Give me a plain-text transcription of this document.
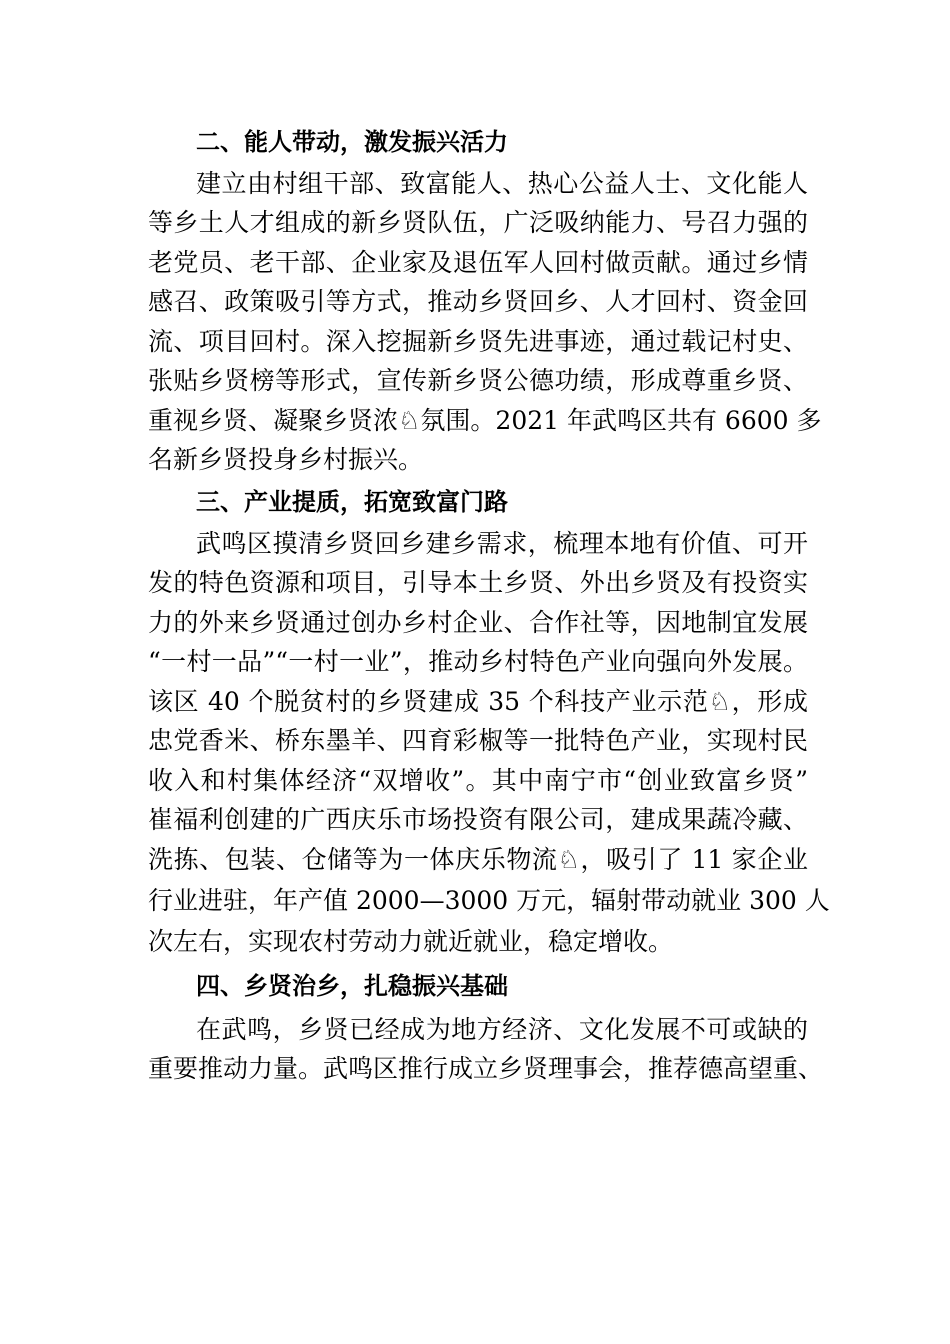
二、能人带动，激发振兴活力
建立由村组干部、致富能人、热心公益人士、文化能人
等乡土人才组成的新乡贤队伍，广泛吸纳能力、号召力强的
老党员、老干部、企业家及退伍军人回村做贡献。通过乡情
感召、政策吸引等方式，推动乡贤回乡、人才回村、资金回
流、项目回村。深入挖掘新乡贤先进事迹，通过载记村史、
张贴乡贤榜等形式，宣传新乡贤公德功绩，形成尊重乡贤、
重视乡贤、凝聚乡贤浓♘氛围。2021 年武鸣区共有 6600 多
名新乡贤投身乡村振兴。
三、产业提质，拓宽致富门路
武鸣区摸清乡贤回乡建乡需求，梳理本地有价值、可开
发的特色资源和项目，引导本土乡贤、外出乡贤及有投资实
力的外来乡贤通过创办乡村企业、合作社等，因地制宜发展
“一村一品”“一村一业”，推动乡村特色产业向强向外发展。
该区 40 个脱贫村的乡贤建成 35 个科技产业示范♘，形成
忠党香米、桥东墨羊、四育彩椒等一批特色产业，实现村民
收入和村集体经济“双增收”。其中南宁市“创业致富乡贤”
崔福利创建的广西庆乐市场投资有限公司，建成果蔬冷藏、
洗拣、包装、仓储等为一体庆乐物流♘，吸引了 11 家企业
行业进驻，年产值 2000—3000 万元，辐射带动就业 300 人
次左右，实现农村劳动力就近就业，稳定增收。
四、乡贤治乡，扎稳振兴基础
在武鸣，乡贤已经成为地方经济、文化发展不可或缺的
重要推动力量。武鸣区推行成立乡贤理事会，推荐德高望重、
